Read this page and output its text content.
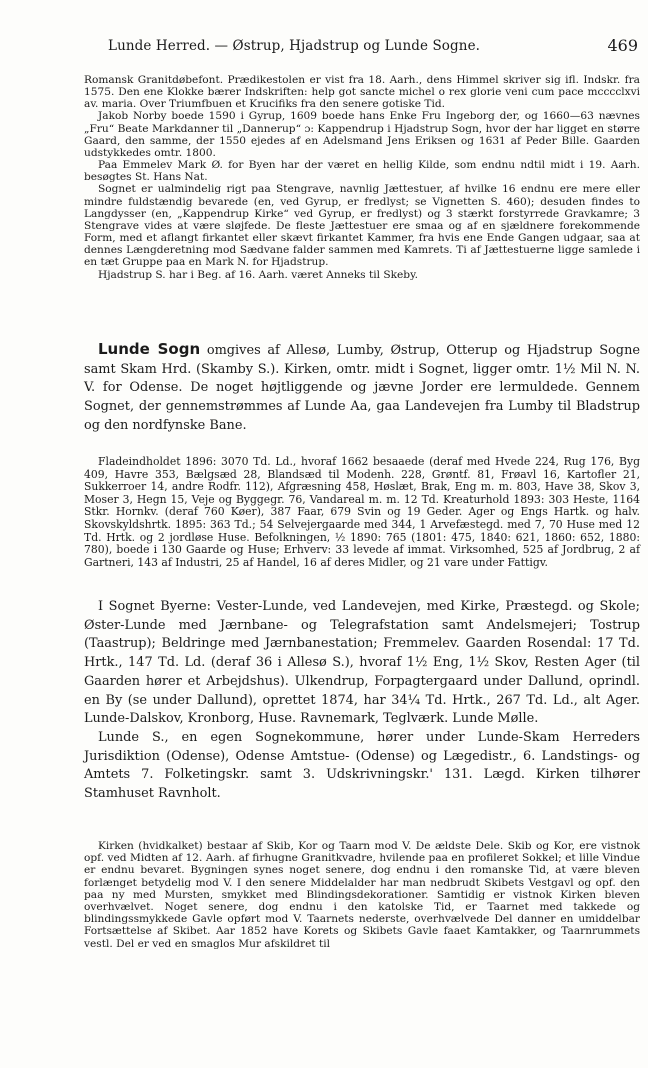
Lunde Herred. — Østrup, Hjadstrup og Lunde Sogne.	469
Romansk Granitdøbefont. Prædikestolen er vist fra 18. Aarh., dens Himmel skriver sig ifl. Indskr. fra 1575. Den ene Klokke bærer Indskriften: help got sancte michel o rex glorie veni cum pace mcccclxvi av. maria. Over Triumfbuen et Krucifiks fra den senere gotiske Tid.
Jakob Norby boede 1590 i Gyrup, 1609 boede hans Enke Fru Ingeborg der, og 1660—63 nævnes „Fru“ Beate Markdanner til „Dannerup“ ɔ: Kappendrup i Hjadstrup Sogn, hvor der har ligget en større Gaard, den samme, der 1550 ejedes af en Adelsmand Jens Eriksen og 1631 af Peder Bille. Gaarden udstykkedes omtr. 1800.
Paa Emmelev Mark Ø. for Byen har der været en hellig Kilde, som endnu ndtil midt i 19. Aarh. besøgtes St. Hans Nat.
Sognet er ualmindelig rigt paa Stengrave, navnlig Jættestuer, af hvilke 16 endnu ere mere eller mindre fuldstændig bevarede (en, ved Gyrup, er fredlyst; se Vignetten S. 460); desuden findes to Langdysser (en, „Kappendrup Kirke“ ved Gyrup, er fredlyst) og 3 stærkt forstyrrede Gravkamre; 3 Stengrave vides at være sløjfede. De fleste Jættestuer ere smaa og af en sjældnere forekommende Form, med et aflangt firkantet eller skævt firkantet Kammer, fra hvis ene Ende Gangen udgaar, saa at dennes Længderetning mod Sædvane falder sammen med Kamrets. Ti af Jættestuerne ligge samlede i en tæt Gruppe paa en Mark N. for Hjadstrup.
Hjadstrup S. har i Beg. af 16. Aarh. været Anneks til Skeby.
Lunde Sogn omgives af Allesø, Lumby, Østrup, Otterup og Hjadstrup Sogne samt Skam Hrd. (Skamby S.). Kirken, omtr. midt i Sognet, ligger omtr. 1½ Mil N. N. V. for Odense. De noget højtliggende og jævne Jorder ere lermuldede. Gennem Sognet, der gennemstrømmes af Lunde Aa, gaa Landevejen fra Lumby til Bladstrup og den nordfynske Bane.
Fladeindholdet 1896: 3070 Td. Ld., hvoraf 1662 besaaede (deraf med Hvede 224, Rug 176, Byg 409, Havre 353, Bælgsæd 28, Blandsæd til Modenh. 228, Grøntf. 81, Frøavl 16, Kartofler 21, Sukkerroer 14, andre Rodfr. 112), Afgræsning 458, Høslæt, Brak, Eng m. m. 803, Have 38, Skov 3, Moser 3, Hegn 15, Veje og Byggegr. 76, Vandareal m. m. 12 Td. Kreaturhold 1893: 303 Heste, 1164 Stkr. Hornkv. (deraf 760 Køer), 387 Faar, 679 Svin og 19 Geder. Ager og Engs Hartk. og halv. Skovskyldshrtk. 1895: 363 Td.; 54 Selvejergaarde med 344, 1 Arvefæstegd. med 7, 70 Huse med 12 Td. Hrtk. og 2 jordløse Huse. Befolkningen, ½ 1890: 765 (1801: 475, 1840: 621, 1860: 652, 1880: 780), boede i 130 Gaarde og Huse; Erhverv: 33 levede af immat. Virksomhed, 525 af Jordbrug, 2 af Gartneri, 143 af Industri, 25 af Handel, 16 af deres Midler, og 21 vare under Fattigv.
I Sognet Byerne: Vester-Lunde, ved Landevejen, med Kirke, Præstegd. og Skole; Øster-Lunde med Jærnbane- og Telegrafstation samt Andelsmejeri; Tostrup (Taastrup); Beldringe med Jærnbanestation; Fremmelev. Gaarden Rosendal: 17 Td. Hrtk., 147 Td. Ld. (deraf 36 i Allesø S.), hvoraf 1½ Eng, 1½ Skov, Resten Ager (til Gaarden hører et Arbejdshus). Ulkendrup, Forpagtergaard under Dallund, oprindl. en By (se under Dallund), oprettet 1874, har 34¼ Td. Hrtk., 267 Td. Ld., alt Ager. Lunde-Dalskov, Kronborg, Huse. Ravnemark, Teglværk. Lunde Mølle.
Lunde S., en egen Sognekommune, hører under Lunde-Skam Herreders Jurisdiktion (Odense), Odense Amtstue- (Odense) og Lægedistr., 6. Landstings- og Amtets 7. Folketingskr. samt 3. Udskrivningskr.' 131. Lægd. Kirken tilhører Stamhuset Ravnholt.
Kirken (hvidkalket) bestaar af Skib, Kor og Taarn mod V. De ældste Dele. Skib og Kor, ere vistnok opf. ved Midten af 12. Aarh. af firhugne Granitkvadre, hvilende paa en profileret Sokkel; et lille Vindue er endnu bevaret. Bygningen synes noget senere, dog endnu i den romanske Tid, at være bleven forlænget betydelig mod V. I den senere Middelalder har man nedbrudt Skibets Vestgavl og opf. den paa ny med Mursten, smykket med Blindingsdekorationer. Samtidig er vistnok Kirken bleven overhvælvet. Noget senere, dog endnu i den katolske Tid, er Taarnet med takkede og blindingssmykkede Gavle opført mod V. Taarnets nederste, overhvælvede Del danner en umiddelbar Fortsættelse af Skibet. Aar 1852 have Korets og Skibets Gavle faaet Kamtakker, og Taarnrummets vestl. Del er ved en smaglos Mur afskildret til
